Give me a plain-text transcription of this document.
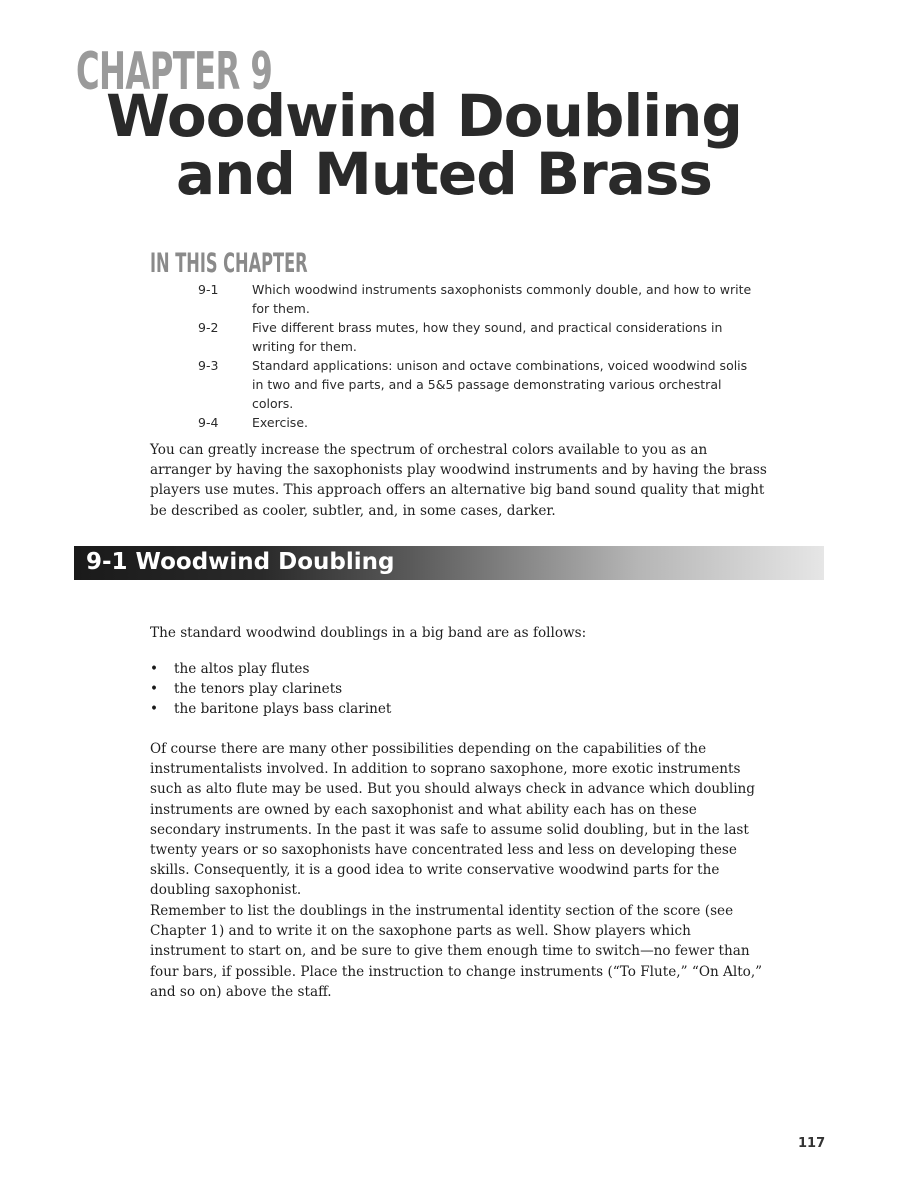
CHAPTER 9
Woodwind Doubling
and Muted Brass
IN THIS CHAPTER
9-1	Which woodwind instruments saxophonists commonly double, and how to write for them.
9-2	Five different brass mutes, how they sound, and practical considerations in writing for them.
9-3	Standard applications: unison and octave combinations, voiced woodwind solis in two and five parts, and a 5&5 passage demonstrating various orchestral colors.
9-4	Exercise.

You can greatly increase the spectrum of orchestral colors available to you as an arranger by having the saxophonists play woodwind instruments and by having the brass players use mutes. This approach offers an alternative big band sound quality that might be described as cooler, subtler, and, in some cases, darker.

9-1 Woodwind Doubling

The standard woodwind doublings in a big band are as follows:

• the altos play flutes
• the tenors play clarinets
• the baritone plays bass clarinet

Of course there are many other possibilities depending on the capabilities of the instrumentalists involved. In addition to soprano saxophone, more exotic instruments such as alto flute may be used. But you should always check in advance which doubling instruments are owned by each saxophonist and what ability each has on these secondary instruments. In the past it was safe to assume solid doubling, but in the last twenty years or so saxophonists have concentrated less and less on developing these skills. Consequently, it is a good idea to write conservative woodwind parts for the doubling saxophonist.

Remember to list the doublings in the instrumental identity section of the score (see Chapter 1) and to write it on the saxophone parts as well. Show players which instrument to start on, and be sure to give them enough time to switch—no fewer than four bars, if possible. Place the instruction to change instruments (“To Flute,” “On Alto,” and so on) above the staff.

117
